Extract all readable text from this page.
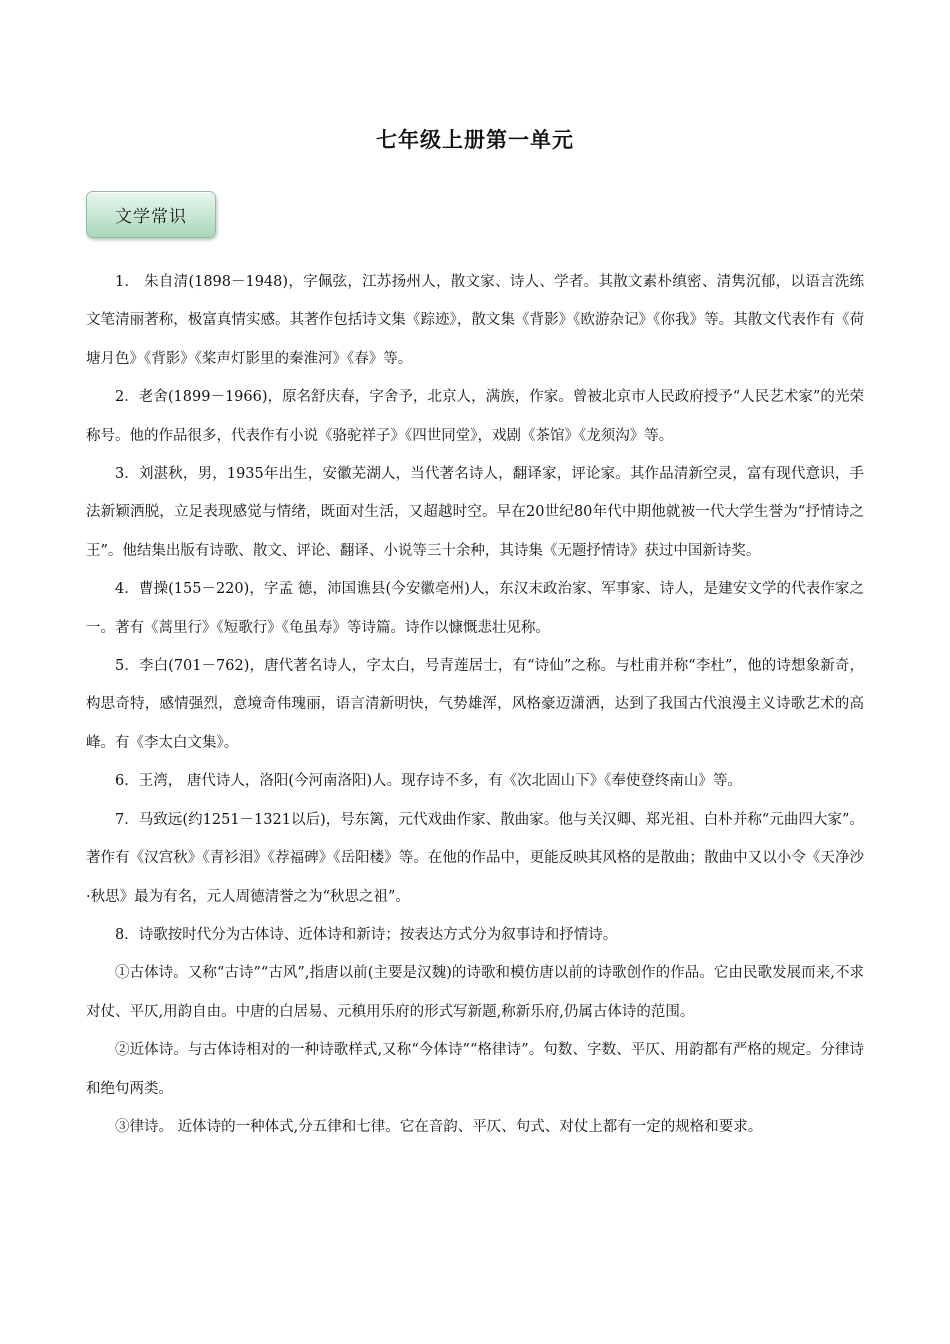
七年级上册第一单元
文学常识

1． 朱自清(1898－1948)，字佩弦，江苏扬州人，散文家、诗人、学者。其散文素朴缜密、清隽沉郁，以语言洗练文笔清丽著称，极富真情实感。其著作包括诗文集《踪迹》，散文集《背影》《欧游杂记》《你我》等。其散文代表作有《荷塘月色》《背影》《桨声灯影里的秦淮河》《春》等。

2．老舍(1899－1966)，原名舒庆春，字舍予，北京人，满族，作家。曾被北京市人民政府授予“人民艺术家”的光荣称号。他的作品很多，代表作有小说《骆驼祥子》《四世同堂》，戏剧《茶馆》《龙须沟》等。

3．刘湛秋，男，1935年出生，安徽芜湖人，当代著名诗人，翻译家，评论家。其作品清新空灵，富有现代意识，手法新颖洒脱，立足表现感觉与情绪，既面对生活，又超越时空。早在20世纪80年代中期他就被一代大学生誉为“抒情诗之王”。他结集出版有诗歌、散文、评论、翻译、小说等三十余种，其诗集《无题抒情诗》获过中国新诗奖。

4．曹操(155－220)，字孟 德，沛国谯县(今安徽亳州)人，东汉末政治家、军事家、诗人，是建安文学的代表作家之一。著有《蒿里行》《短歌行》《龟虽寿》等诗篇。诗作以慷慨悲壮见称。

5．李白(701－762)，唐代著名诗人，字太白，号青莲居士，有“诗仙”之称。与杜甫并称“李杜”，他的诗想象新奇，构思奇特，感情强烈，意境奇伟瑰丽，语言清新明快，气势雄浑，风格豪迈潇洒，达到了我国古代浪漫主义诗歌艺术的高峰。有《李太白文集》。

6．王湾， 唐代诗人，洛阳(今河南洛阳)人。现存诗不多，有《次北固山下》《奉使登终南山》等。

7．马致远(约1251－1321以后)，号东篱，元代戏曲作家、散曲家。他与关汉卿、郑光祖、白朴并称“元曲四大家”。著作有《汉宫秋》《青衫泪》《荐福碑》《岳阳楼》等。在他的作品中，更能反映其风格的是散曲；散曲中又以小令《天净沙·秋思》最为有名，元人周德清誉之为“秋思之祖”。

8．诗歌按时代分为古体诗、近体诗和新诗；按表达方式分为叙事诗和抒情诗。

①古体诗。又称“古诗”“古风”,指唐以前(主要是汉魏)的诗歌和模仿唐以前的诗歌创作的作品。它由民歌发展而来,不求对仗、平仄,用韵自由。中唐的白居易、元稹用乐府的形式写新题,称新乐府,仍属古体诗的范围。

②近体诗。与古体诗相对的一种诗歌样式,又称“今体诗”“格律诗”。句数、字数、平仄、用韵都有严格的规定。分律诗和绝句两类。

③律诗。 近体诗的一种体式,分五律和七律。它在音韵、平仄、句式、对仗上都有一定的规格和要求。
